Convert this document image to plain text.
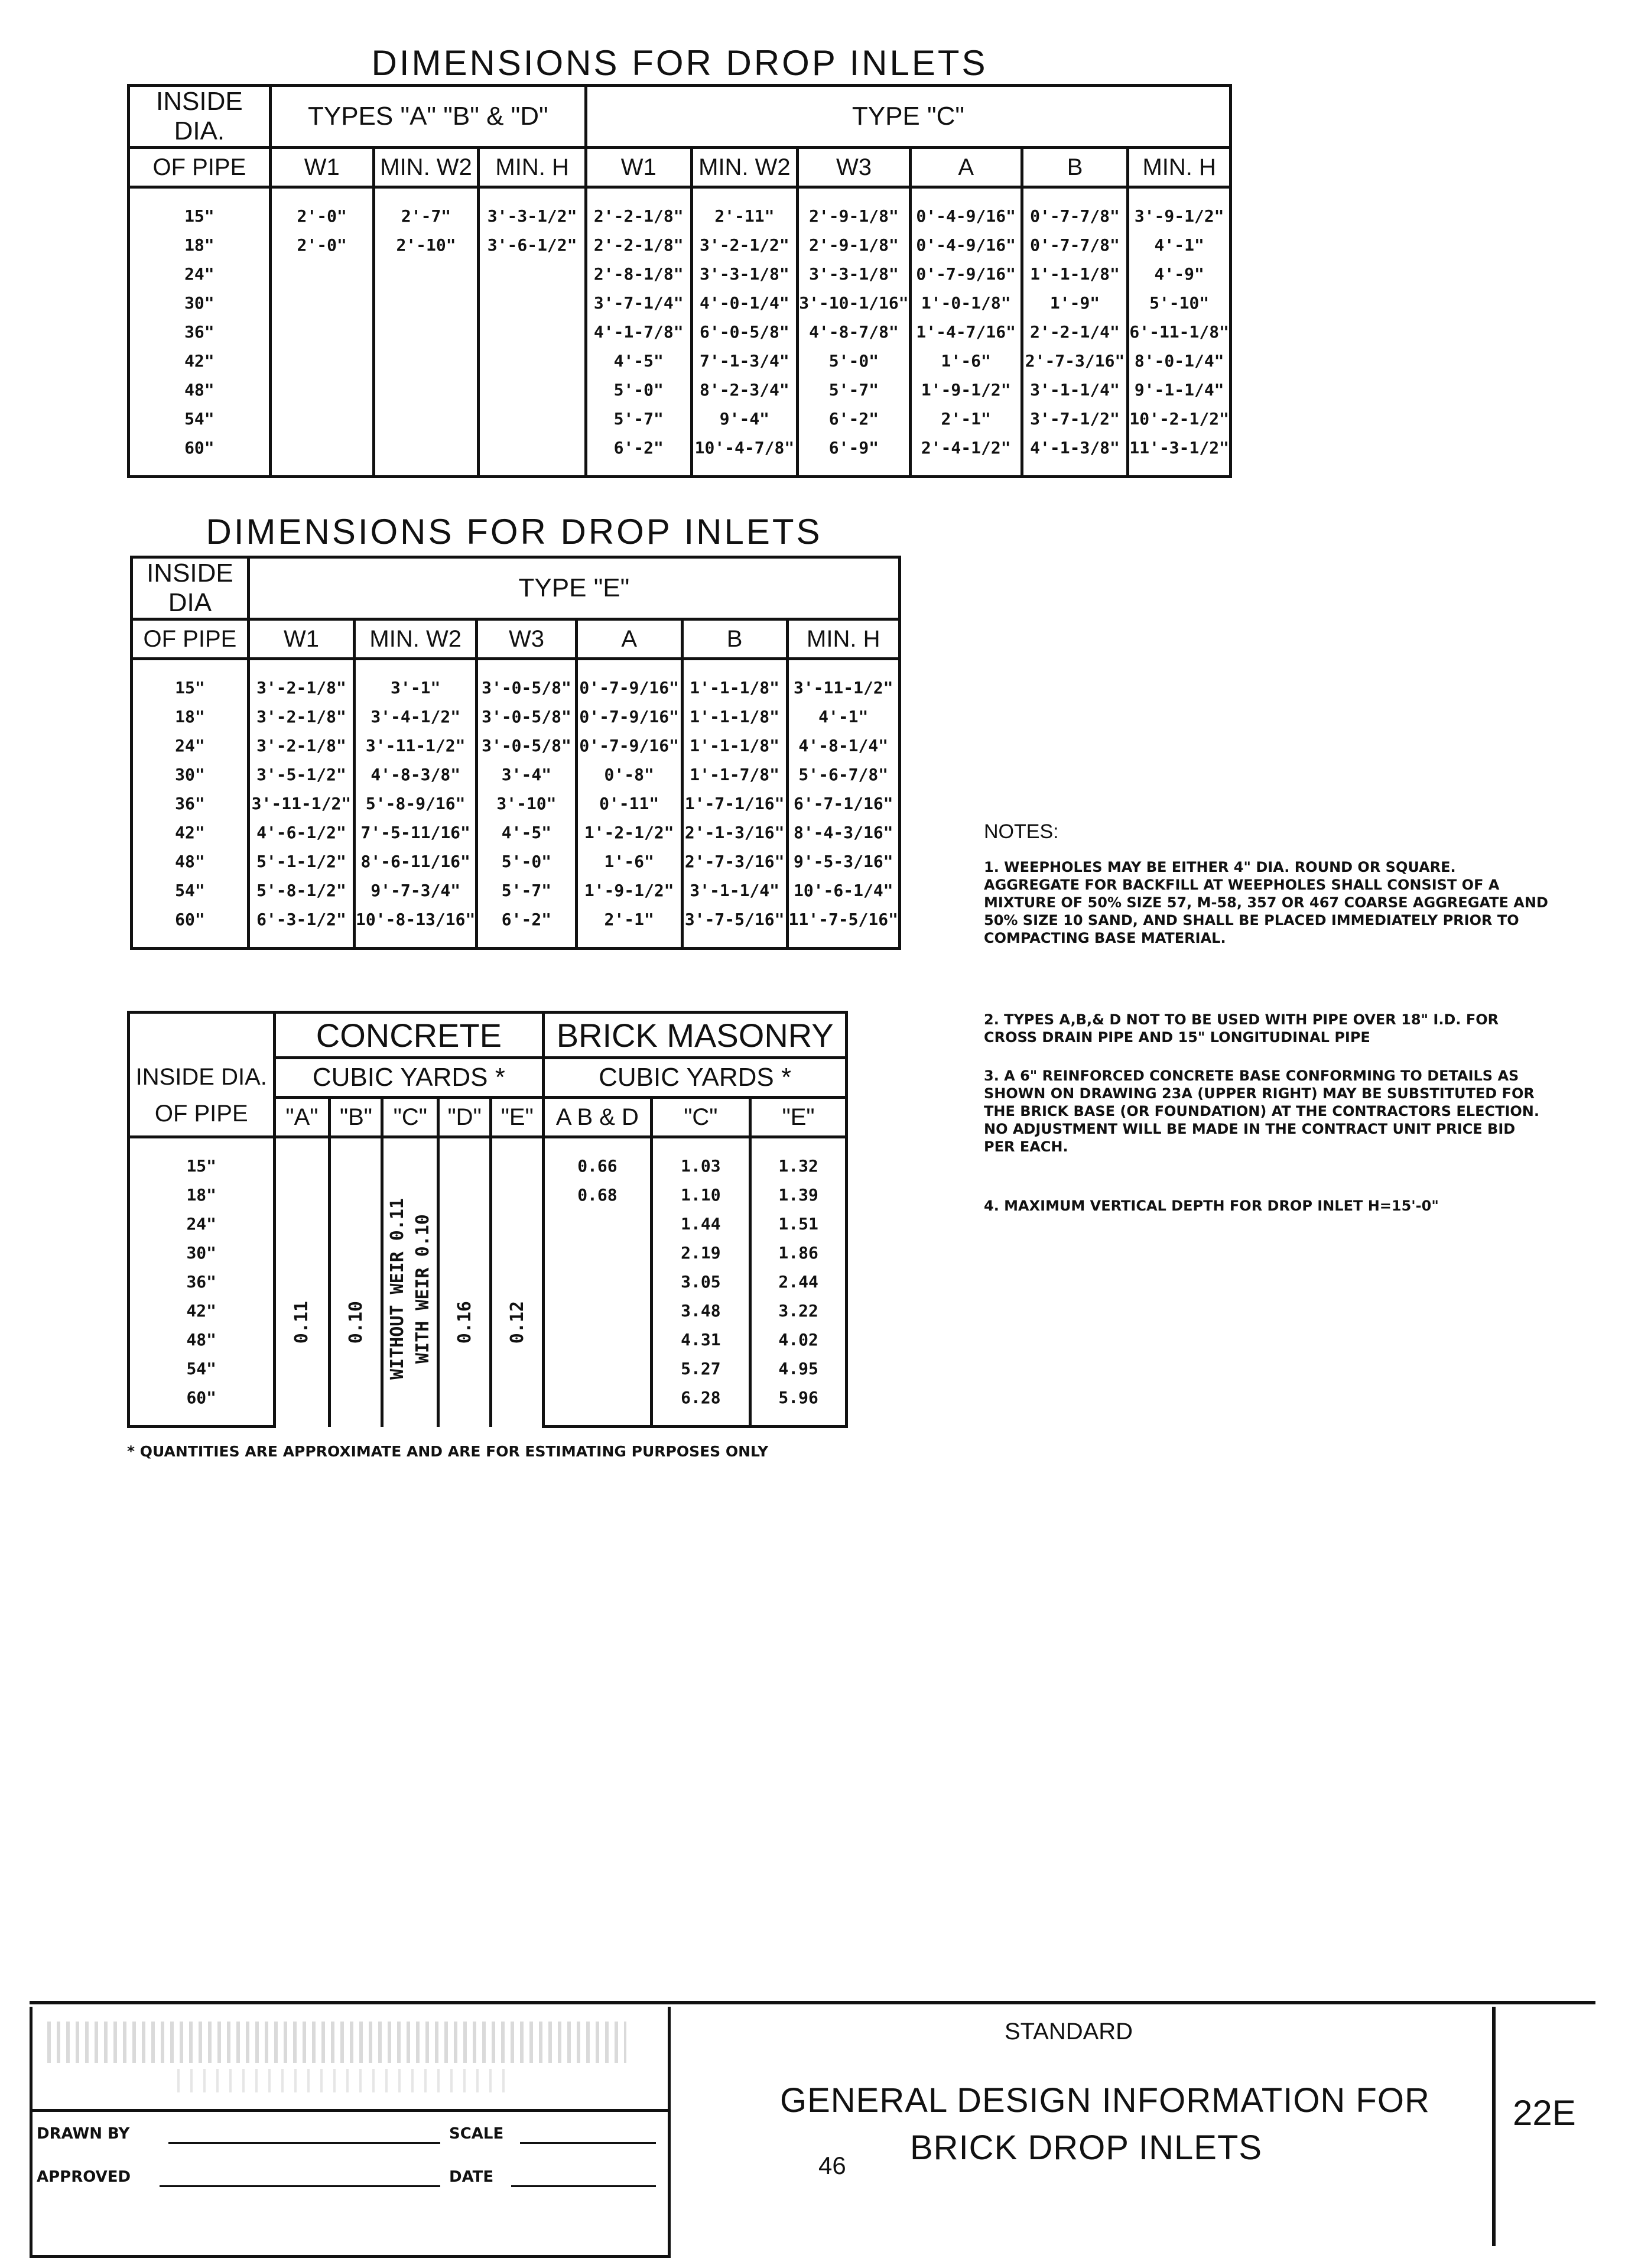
DIMENSIONS FOR DROP INLETS
INSIDE DIA.	TYPES "A" "B" & "D"			TYPE "C"					
OF PIPE	W1	MIN. W2	MIN. H	W1	MIN. W2	W3	A	B	MIN. H

15"	2'-0"	2'-7"	3'-3-1/2"	2'-2-1/8"	2'-11"	2'-9-1/8"	0'-4-9/16"	0'-7-7/8"	3'-9-1/2"
18"	2'-0"	2'-10"	3'-6-1/2"	2'-2-1/8"	3'-2-1/2"	2'-9-1/8"	0'-4-9/16"	0'-7-7/8"	4'-1"
24"				2'-8-1/8"	3'-3-1/8"	3'-3-1/8"	0'-7-9/16"	1'-1-1/8"	4'-9"
30"				3'-7-1/4"	4'-0-1/4"	3'-10-1/16"	1'-0-1/8"	1'-9"	5'-10"
36"				4'-1-7/8"	6'-0-5/8"	4'-8-7/8"	1'-4-7/16"	2'-2-1/4"	6'-11-1/8"
42"				4'-5"	7'-1-3/4"	5'-0"	1'-6"	2'-7-3/16"	8'-0-1/4"
48"				5'-0"	8'-2-3/4"	5'-7"	1'-9-1/2"	3'-1-1/4"	9'-1-1/4"
54"				5'-7"	9'-4"	6'-2"	2'-1"	3'-7-1/2"	10'-2-1/2"
60"				6'-2"	10'-4-7/8"	6'-9"	2'-4-1/2"	4'-1-3/8"	11'-3-1/2"

DIMENSIONS FOR DROP INLETS
INSIDE DIA	TYPE "E"					
OF PIPE	W1	MIN. W2	W3	A	B	MIN. H

15"	3'-2-1/8"	3'-1"	3'-0-5/8"	0'-7-9/16"	1'-1-1/8"	3'-11-1/2"
18"	3'-2-1/8"	3'-4-1/2"	3'-0-5/8"	0'-7-9/16"	1'-1-1/8"	4'-1"
24"	3'-2-1/8"	3'-11-1/2"	3'-0-5/8"	0'-7-9/16"	1'-1-1/8"	4'-8-1/4"
30"	3'-5-1/2"	4'-8-3/8"	3'-4"	0'-8"	1'-1-7/8"	5'-6-7/8"
36"	3'-11-1/2"	5'-8-9/16"	3'-10"	0'-11"	1'-7-1/16"	6'-7-1/16"
42"	4'-6-1/2"	7'-5-11/16"	4'-5"	1'-2-1/2"	2'-1-3/16"	8'-4-3/16"
48"	5'-1-1/2"	8'-6-11/16"	5'-0"	1'-6"	2'-7-3/16"	9'-5-3/16"
54"	5'-8-1/2"	9'-7-3/4"	5'-7"	1'-9-1/2"	3'-1-1/4"	10'-6-1/4"
60"	6'-3-1/2"	10'-8-13/16"	6'-2"	2'-1"	3'-7-5/16"	11'-7-5/16"

	CONCRETE					BRICK MASONRY		
	CUBIC YARDS *					CUBIC YARDS *		

INSIDE DIA.
OF PIPE	"A"	"B"	"C"	"D"	"E"	A B & D	"C"	"E"

15"	0.11	0.10	WITHOUT WEIR 0.11 WITH WEIR 0.10	0.16	0.12	0.66	1.03	1.32
18"						0.68	1.10	1.39
24"							1.44	1.51
30"							2.19	1.86
36"							3.05	2.44
42"							3.48	3.22
48"							4.31	4.02
54"							5.27	4.95
60"							6.28	5.96

* QUANTITIES ARE APPROXIMATE AND ARE FOR ESTIMATING PURPOSES ONLY
NOTES:
1. WEEPHOLES MAY BE EITHER 4" DIA. ROUND OR SQUARE. AGGREGATE FOR BACKFILL AT WEEPHOLES SHALL CONSIST OF A MIXTURE OF 50% SIZE 57, M-58, 357 OR 467 COARSE AGGREGATE AND 50% SIZE 10 SAND, AND SHALL BE PLACED IMMEDIATELY PRIOR TO COMPACTING BASE MATERIAL.
2. TYPES A,B,& D NOT TO BE USED WITH PIPE OVER 18" I.D. FOR CROSS DRAIN PIPE AND 15" LONGITUDINAL PIPE
3. A 6" REINFORCED CONCRETE BASE CONFORMING TO DETAILS AS SHOWN ON DRAWING 23A (UPPER RIGHT) MAY BE SUBSTITUTED FOR THE BRICK BASE (OR FOUNDATION) AT THE CONTRACTORS ELECTION. NO ADJUSTMENT WILL BE MADE IN THE CONTRACT UNIT PRICE BID PER EACH.
4. MAXIMUM VERTICAL DEPTH FOR DROP INLET H=15'-0"
DRAWN BY	SCALE
APPROVED	DATE
STANDARD
GENERAL DESIGN INFORMATION FOR
BRICK DROP INLETS
46
22E
